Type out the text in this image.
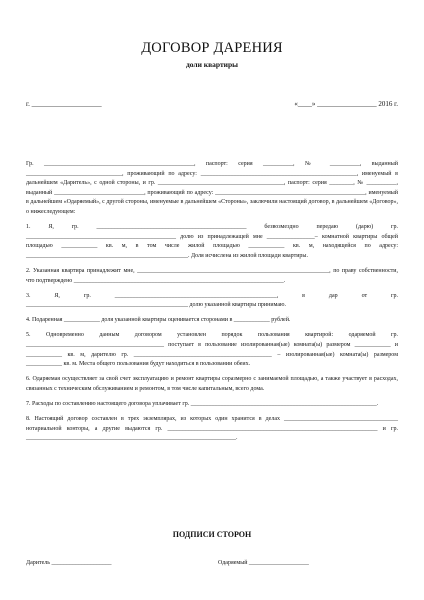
ДОГОВОР ДАРЕНИЯ
доли квартиры
г. ____________________	«____» _________________ 2016 г.

Гр. __________________________________________________, паспорт: серия __________, № __________, выданный ________________________________, проживающий по адресу: ____________________________________________________, именуемый в дальнейшем «Даритель», с одной стороны, и гр. __________________________________________, паспорт: серия ________, № __________, выданный ______________________________, проживающий по адресу: __________________________________________________, именуемый в дальнейшем «Одаряемый», с другой стороны, именуемые в дальнейшем «Стороны», заключили настоящий договор, в дальнейшем «Договор», о нижеследующем:

1. Я, гр. __________________________________________________ безвозмездно передаю (дарю) гр. __________________________________________________ долю из принадлежащей мне ________________– комнатной квартиры общей площадью ____________ кв. м, в том числе жилой площадью ____________ кв. м, находящейся по адресу: ______________________________________________________. Доля исчислена из жилой площади квартиры.

2. Указанная квартира принадлежит мне, ________________________________________________________________, по праву собственности, что подтверждено ______________________________________________________________________.

3. Я, гр. ______________________________________________________, в дар от гр. ______________________________________________________ долю указанной квартиры принимаю.

4. Подаренная ____________ доля указанной квартиры оценивается сторонами в ____________ рублей.

5. Одновременно данным договором установлен порядок пользования квартирой: одаряемой гр. ______________________________________________ поступает в пользование изолированная(ые) комната(ы) размером ____________ и ____________ кв. м, дарителю гр. ______________________________________________ – изолированная(ые) комната(ы) размером ____________ кв. м. Места общего пользования будут находиться в пользовании обеих.

6. Одаряемая осуществляет за свой счет эксплуатацию и ремонт квартиры соразмерно с занимаемой площадью, а также участвует в расходах, связанных с техническим обслуживанием и ремонтом, в том числе капитальным, всего дома.

7. Расходы по составлению настоящего договора уплачивает гр. ______________________________________________________________.

8. Настоящий договор составлен в трех экземплярах, из которых один хранится в делах ______________________________________ нотариальной конторы, а другие выдаются гр. ______________________________________________________________________ и гр. ______________________________________________________________________.

ПОДПИСИ СТОРОН
Даритель ____________________	Одаряемый ____________________
